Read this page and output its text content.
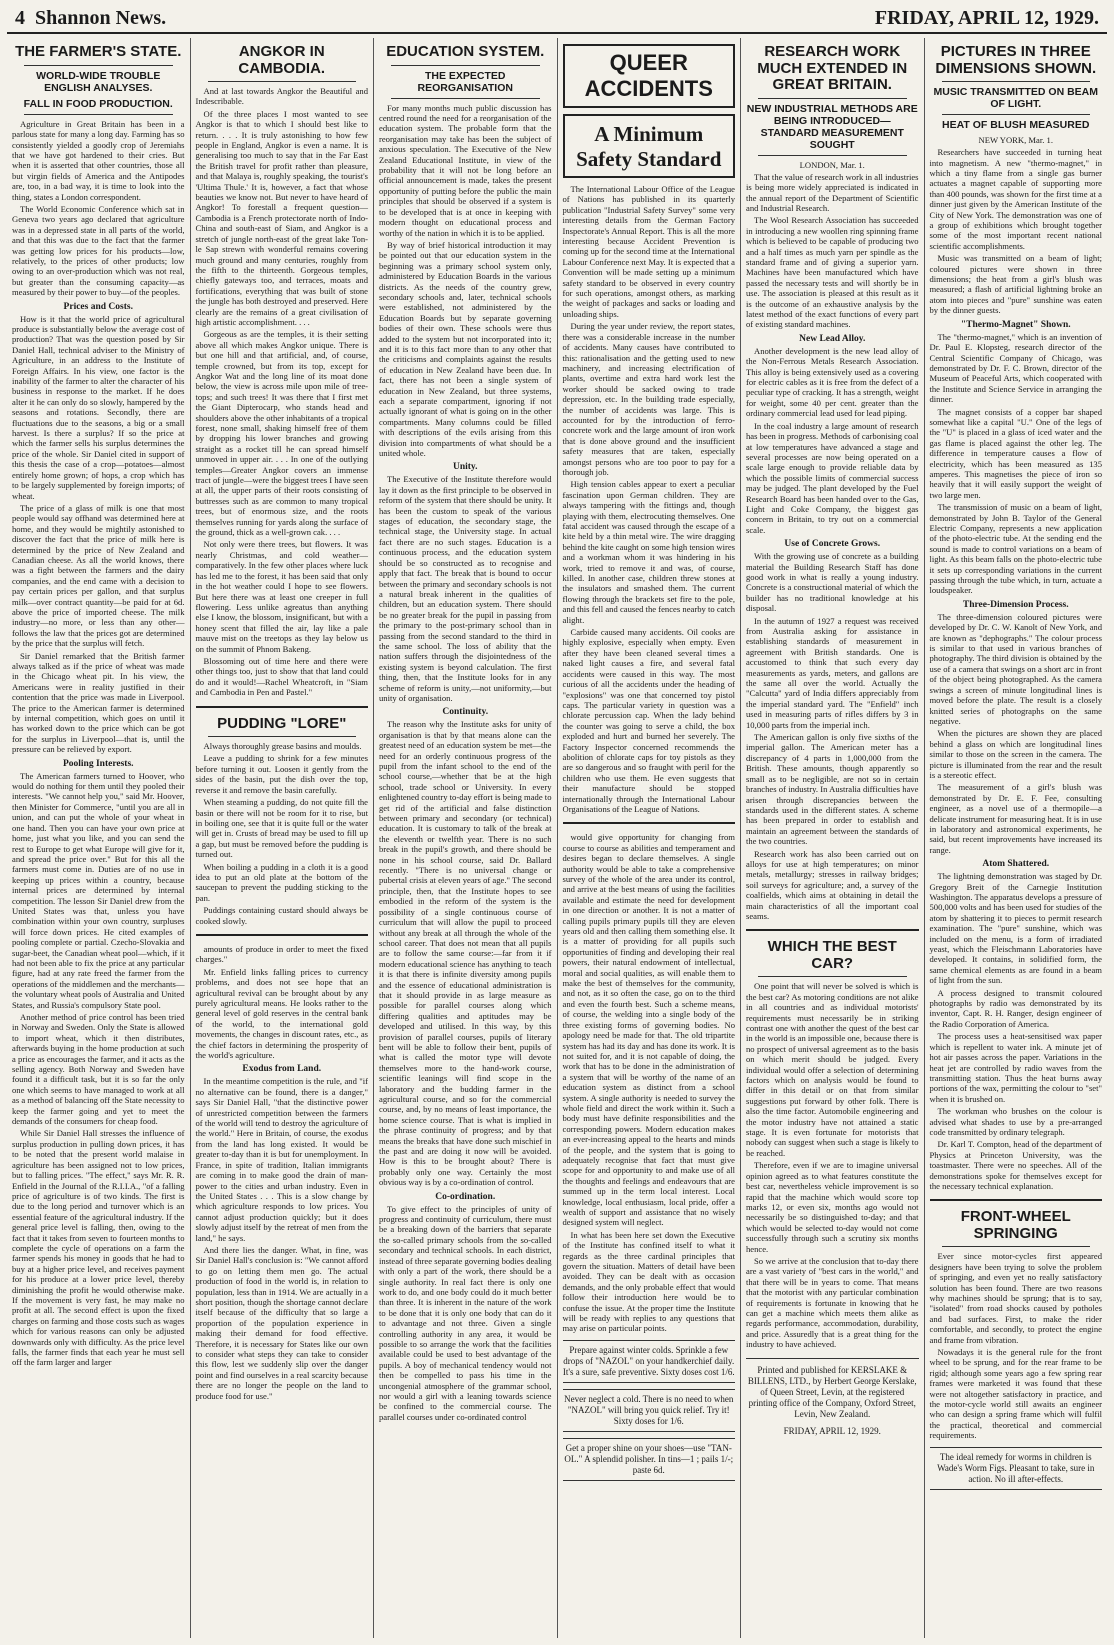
4 Shannon News.	FRIDAY, APRIL 12, 1929.
THE FARMER'S STATE.
WORLD-WIDE TROUBLE ENGLISH ANALYSES.
FALL IN FOOD PRODUCTION.

Agriculture in Great Britain has been in a parlous state for many a long day. Farming has so consistently yielded a goodly crop of Jeremiahs that we have got hardened to their cries. But when it is asserted that other countries, those all but virgin fields of America and the Antipodes are, too, in a bad way, it is time to look into the thing, states a London correspondent.

The World Economic Conference which sat in Geneva two years ago declared that agriculture was in a depressed state in all parts of the world, and that this was due to the fact that the farmer was getting low prices for his products—low, relatively, to the prices of other products; low owing to an over-production which was not real, but greater than the consuming capacity—as measured by their power to buy—of the peoples.

Prices and Costs.

How is it that the world price of agricultural produce is substantially below the average cost of production? That was the question posed by Sir Daniel Hall, technical adviser to the Ministry of Agriculture, in an address to the Institute of Foreign Affairs. In his view, one factor is the inability of the farmer to alter the character of his business in response to the market. If he does alter it he can only do so slowly, hampered by the seasons and rotations. Secondly, there are fluctuations due to the seasons, a big or a small harvest. Is there a surplus? If so the price at which the farmer sells his surplus determines the price of the whole. Sir Daniel cited in support of this thesis the case of a crop—potatoes—almost entirely home grown; of hops, a crop which has to be largely supplemented by foreign imports; of wheat.

The price of a glass of milk is one that most people would say offhand was determined here at home, and they would be mightily astonished to discover the fact that the price of milk here is determined by the price of New Zealand and Canadian cheese. As all the world knows, there was a fight between the farmers and the dairy companies, and the end came with a decision to pay certain prices per gallon, and that surplus milk—over contract quantity—be paid for at 6d. above the price of imported cheese. The milk industry—no more, or less than any other—follows the law that the prices got are determined by the price that the surplus will fetch.

Sir Daniel remarked that the British farmer always talked as if the price of wheat was made in the Chicago wheat pit. In his view, the Americans were in reality justified in their contention that the price was made in Liverpool. The price to the American farmer is determined by internal competition, which goes on until it has worked down to the price which can be got for the surplus in Liverpool—that is, until the pressure can be relieved by export.

Pooling Interests.

The American farmers turned to Hoover, who would do nothing for them until they pooled their interests. "We cannot help you," said Mr. Hoover, then Minister for Commerce, "until you are all in union, and can put the whole of your wheat in one hand. Then you can have your own price at home, just what you like, and you can send the rest to Europe to get what Europe will give for it, and spread the price over." But for this all the farmers must come in. Duties are of no use in keeping up prices within a country, because internal prices are determined by internal competition. The lesson Sir Daniel drew from the United States was that, unless you have combination within your own country, surpluses will force down prices. He cited examples of pooling complete or partial. Czecho-Slovakia and sugar-beet, the Canadian wheat pool—which, if it had not been able to fix the price at any particular figure, had at any rate freed the farmer from the operations of the middlemen and the merchants—the voluntary wheat pools of Australia and United States, and Russia's compulsory State pool.

Another method of price control has been tried in Norway and Sweden. Only the State is allowed to import wheat, which it then distributes, afterwards buying in the home production at such a price as encourages the farmer, and it acts as the selling agency. Both Norway and Sweden have found it a difficult task, but it is so far the only one which seems to have managed to work at all as a method of balancing off the State necessity to keep the farmer going and yet to meet the demands of the consumers for cheap food.

While Sir Daniel Hall stresses the influence of surplus production in pulling down prices, it has to be noted that the present world malaise in agriculture has been assigned not to low prices, but to falling prices. "The effect," says Mr. R. R. Enfield in the Journal of the R.I.I.A., "of a falling price of agriculture is of two kinds. The first is due to the long period and turnover which is an essential feature of the agricultural industry. If the general price level is falling, then, owing to the fact that it takes from seven to fourteen months to complete the cycle of operations on a farm the farmer spends his money in goods that he had to buy at a higher price level, and receives payment for his produce at a lower price level, thereby diminishing the profit he would otherwise make. If the movement is very fast, he may make no profit at all. The second effect is upon the fixed charges on farming and those costs such as wages which for various reasons can only be adjusted downwards only with difficulty. As the price level falls, the farmer finds that each year he must sell off the farm larger and larger

ANGKOR IN CAMBODIA.

And at last towards Angkor the Beautiful and Indescribable.

Of the three places I most wanted to see Angkor is that to which I should best like to return. . . . It is truly astonishing to how few people in England, Angkor is even a name. It is generalising too much to say that in the Far East the British travel for profit rather than pleasure, and that Malaya is, roughly speaking, the tourist's 'Ultima Thule.' It is, however, a fact that whose beauties we know not. But never to have heard of Angkor! To forestall a frequent question—Cambodia is a French protectorate north of Indo-China and south-east of Siam, and Angkor is a stretch of jungle north-east of the great lake Ton-le Sap strewn with wonderful remains covering much ground and many centuries, roughly from the fifth to the thirteenth. Gorgeous temples, chiefly gateways too, and terraces, moats and fortifications, everything that was built of stone the jungle has both destroyed and preserved. Here clearly are the remains of a great civilisation of high artistic accomplishment. . . .

Gorgeous as are the temples, it is their setting above all which makes Angkor unique. There is but one hill and that artificial, and, of course, temple crowned, but from its top, except for Angkor Wat and the long line of its moat done below, the view is across mile upon mile of tree-tops; and such trees! It was there that I first met the Giant Dipterocarp, who stands head and shoulders above the other inhabitants of a tropical forest, none small, shaking himself free of them by dropping his lower branches and growing straight as a rocket till he can spread himself unmoved in upper air. . . . In one of the outlying temples—Greater Angkor covers an immense tract of jungle—were the biggest trees I have seen at all, the upper parts of their roots consisting of buttresses such as are common to many tropical trees, but of enormous size, and the roots themselves running for yards along the surface of the ground, thick as a well-grown cak. . . .

Not only were there trees, but flowers. It was nearly Christmas, and cold weather—comparatively. In the few other places where luck has led me to the forest, it has been said that only in the hot weather could I hope to see flowers. But here there was at least one creeper in full flowering. Less unlike agreatus than anything else I know, the blossom, insignificant, but with a honey scent that filled the air, lay like a pale mauve mist on the treetops as they lay below us on the summit of Phnom Bakeng.

Blossoming out of time here and there were other things too, just to show that that land could do and it would!—Rachel Wheatcroft, in "Siam and Cambodia in Pen and Pastel."

PUDDING "LORE"

Always thoroughly grease basins and moulds.

Leave a pudding to shrink for a few minutes before turning it out. Loosen it gently from the sides of the basin, put the dish over the top, reverse it and remove the basin carefully.

When steaming a pudding, do not quite fill the basin or there will not be room for it to rise, but in boiling one, see that it is quite full or the water will get in. Crusts of bread may be used to fill up a gap, but must be removed before the pudding is turned out.

When boiling a pudding in a cloth it is a good idea to put an old plate at the bottom of the saucepan to prevent the pudding sticking to the pan.

Puddings containing custard should always be cooked slowly.

amounts of produce in order to meet the fixed charges."

Mr. Enfield links falling prices to currency problems, and does not see hope that an agricultural revival can be brought about by any purely agricultural means. He looks rather to the general level of gold reserves in the central bank of the world, to the international gold movements, the changes in discount rates, etc., as the chief factors in determining the prosperity of the world's agriculture.

Exodus from Land.

In the meantime competition is the rule, and "if no alternative can be found, there is a danger," says Sir Daniel Hall, "that the distinctive power of unrestricted competition between the farmers of the world will tend to destroy the agriculture of the world." Here in Britain, of course, the exodus from the land has long existed. It would be greater to-day than it is but for unemployment. In France, in spite of tradition, Italian immigrants are coming in to make good the drain of man-power to the cities and urban industry. Even in the United States . . . This is a slow change by which agriculture responds to low prices. You cannot adjust production quickly; but it does slowly adjust itself by the retreat of men from the land," he says.

And there lies the danger. What, in fine, was Sir Daniel Hall's conclusion is: "We cannot afford to go on letting them men go. The actual production of food in the world is, in relation to population, less than in 1914. We are actually in a short position, though the shortage cannot declare itself because of the difficulty that so large a proportion of the population experience in making their demand for food effective. Therefore, it is necessary for States like our own to consider what steps they can take to consider this flow, lest we suddenly slip over the danger point and find ourselves in a real scarcity because there are no longer the people on the land to produce food for use."

EDUCATION SYSTEM.
THE EXPECTED REORGANISATION

For many months much public discussion has centred round the need for a reorganisation of the education system. The probable form that the reorganisation may take has been the subject of anxious speculation. The Executive of the New Zealand Educational Institute, in view of the probability that it will not be long before an official announcement is made, takes the present opportunity of putting before the public the main principles that should be observed if a system is to be developed that is at once in keeping with modern thought on educational process and worthy of the nation in which it is to be applied.

By way of brief historical introduction it may be pointed out that our education system in the beginning was a primary school system only, administered by Education Boards in the various districts. As the needs of the country grew, secondary schools and, later, technical schools were established, not administered by the Education Boards but by separate governing bodies of their own. These schools were thus added to the system but not incorporated into it; and it is to this fact more than to any other that the criticisms and complaints against the results of education in New Zealand have been due. In fact, there has not been a single system of education in New Zealand, but three systems, each a separate compartment, ignoring if not actually ignorant of what is going on in the other compartments. Many columns could be filled with descriptions of the evils arising from this division into compartments of what should be a united whole.

Unity.

The Executive of the Institute therefore would lay it down as the first principle to be observed in reform of the system that there should be unity. It has been the custom to speak of the various stages of education, the secondary stage, the technical stage, the University stage. In actual fact there are no such stages. Education is a continuous process, and the education system should be so constructed as to recognise and apply that fact. The break that is bound to occur between the primary and secondary schools is not a natural break inherent in the qualities of children, but an education system. There should be no greater break for the pupil in passing from the primary to the post-primary school than in passing from the second standard to the third in the same school. The loss of ability that the nation suffers through the disjointedness of the existing system is beyond calculation. The first thing, then, that the Institute looks for in any scheme of reform is unity,—not uniformity,—but unity of organisation.

Continuity.

The reason why the Institute asks for unity of organisation is that by that means alone can the greatest need of an education system be met—the need for an orderly continuous progress of the pupil from the infant school to the end of the school course,—whether that be at the high school, trade school or University. In every enlightened country to-day effort is being made to get rid of the artificial and false distinction between primary and secondary (or technical) education. It is customary to talk of the break at the eleventh or twelfth year. There is no such break in the pupil's growth, and there should be none in his school course, said Dr. Ballard recently. "There is no universal change or pubertal crisis at eleven years of age." The second principle, then, that the Institute hopes to see embodied in the reform of the system is the possibility of a single continuous course of curriculum that will allow the pupil to proceed without any break at all through the whole of the school career. That does not mean that all pupils are to follow the same course:—far from it if modern educational science has anything to teach it is that there is infinite diversity among pupils and the essence of educational administration is that it should provide in as large measure as possible for parallel courses along which differing qualities and aptitudes may be developed and utilised. In this way, by this provision of parallel courses, pupils of literary bent will be able to follow their bent, pupils of what is called the motor type will devote themselves more to the hand-work course, scientific leanings will find scope in the laboratory and the budding farmer in the agricultural course, and so for the commercial course, and, by no means of least importance, the home science course. That is what is implied in the phrase continuity of progress; and by that means the breaks that have done such mischief in the past and are doing it now will be avoided. How is this to be brought about? There is probably only one way. Certainly the most obvious way is by a co-ordination of control.

Co-ordination.

To give effect to the principles of unity of progress and continuity of curriculum, there must be a breaking down of the barriers that separate the so-called primary schools from the so-called secondary and technical schools. In each district, instead of three separate governing bodies dealing with only a part of the work, there should be a single authority. In real fact there is only one work to do, and one body could do it much better than three. It is inherent in the nature of the work to be done that it is only one body that can do it to advantage and not three. Given a single controlling authority in any area, it would be possible to so arrange the work that the facilities available could be used to best advantage of the pupils. A boy of mechanical tendency would not then be compelled to pass his time in the uncongenial atmosphere of the grammar school, nor would a girl with a leaning towards science be confined to the commercial course. The parallel courses under co-ordinated control

QUEER ACCIDENTS
A Minimum Safety Standard

The International Labour Office of the League of Nations has published in its quarterly publication "Industrial Safety Survey" some very interesting details from the German Factory Inspectorate's Annual Report. This is all the more interesting because Accident Prevention is coming up for the second time at the International Labour Conference next May. It is expected that a Convention will be made setting up a minimum safety standard to be observed in every country for such operations, amongst others, as marking the weight of packages and sacks or loading and unloading ships.

During the year under review, the report states, there was a considerable increase in the number of accidents. Many causes have contributed to this: rationalisation and the getting used to new machinery, and increasing electrification of plants, overtime and extra hard work lest the worker should be sacked owing to trade depression, etc. In the building trade especially, the number of accidents was large. This is accounted for by the introduction of ferro-concrete work and the large amount of iron work that is done above ground and the insufficient safety measures that are taken, especially amongst persons who are too poor to pay for a thorough job.

High tension cables appear to exert a peculiar fascination upon German children. They are always tampering with the fittings and, though playing with them, electrocuting themselves. One fatal accident was caused through the escape of a kite held by a thin metal wire. The wire dragging behind the kite caught on some high tension wires and a workman whom it was hindering in his work, tried to remove it and was, of course, killed. In another case, children threw stones at the insulators and smashed them. The current flowing through the brackets set fire to the pole, and this fell and caused the fences nearby to catch alight.

Carbide caused many accidents. Oil cooks are highly explosive, especially when empty. Even after they have been cleaned several times a naked light causes a fire, and several fatal accidents were caused in this way. The most curious of all the accidents under the heading of "explosions" was one that concerned toy pistol caps. The particular variety in question was a chlorate percussion cap. When the lady behind the counter was going to serve a child, the box exploded and hurt and burned her severely. The Factory Inspector concerned recommends the abolition of chlorate caps for toy pistols as they are so dangerous and so fraught with peril for the children who use them. He even suggests that their manufacture should be stopped internationally through the International Labour Organisations of the League of Nations.

would give opportunity for changing from course to course as abilities and temperament and desires began to declare themselves. A single authority would be able to take a comprehensive survey of the whole of the area under its control, and arrive at the best means of using the facilities available and estimate the need for development in one direction or another. It is not a matter of calling pupils primary pupils till they are eleven years old and then calling them something else. It is a matter of providing for all pupils such opportunities of finding and developing their real powers, their natural endowment of intellectual, moral and social qualities, as will enable them to make the best of themselves for the community, and not, as it so often the case, go on to the third and even the fourth best. Such a scheme means, of course, the welding into a single body of the three existing forms of governing bodies. No apology need be made for that. The old tripartite system has had its day and has done its work. It is not suited for, and it is not capable of doing, the work that has to be done in the administration of a system that will be worthy of the name of an education system as distinct from a school system. A single authority is needed to survey the whole field and direct the work within it. Such a body must have definite responsibilities and the corresponding powers. Modern education makes an ever-increasing appeal to the hearts and minds of the people, and the system that is going to adequately recognise that fact that must give scope for and opportunity to and make use of all the thoughts and feelings and endeavours that are summed up in the term local interest. Local knowledge, local enthusiasm, local pride, offer a wealth of support and assistance that no wisely designed system will neglect.

In what has been here set down the Executive of the Institute has confined itself to what it regards as the three cardinal principles that govern the situation. Matters of detail have been avoided. They can be dealt with as occasion demands, and the only probable effect that would follow their introduction here would be to confuse the issue. At the proper time the Institute will be ready with replies to any questions that may arise on particular points.

Prepare against winter colds. Sprinkle a few drops of "NAZOL" on your handkerchief daily. It's a sure, safe preventive. Sixty doses cost 1/6.
Never neglect a cold. There is no need to when "NAZOL" will bring you quick relief. Try it! Sixty doses for 1/6.
Get a proper shine on your shoes—use "TAN-OL." A splendid polisher. In tins—1 ; pails 1/-; paste 6d.
RESEARCH WORK MUCH EXTENDED IN GREAT BRITAIN.
NEW INDUSTRIAL METHODS ARE BEING INTRODUCED—STANDARD MEASUREMENT SOUGHT
LONDON, Mar. 1.

That the value of research work in all industries is being more widely appreciated is indicated in the annual report of the Department of Scientific and Industrial Research.

The Wool Research Association has succeeded in introducing a new woollen ring spinning frame which is believed to be capable of producing two and a half times as much yarn per spindle as the standard frame and of giving a superior yarn. Machines have been manufactured which have passed the necessary tests and will shortly be in use. The association is pleased at this result as it is the outcome of an exhaustive analysis by the latest method of the exact functions of every part of existing standard machines.

New Lead Alloy.

Another development is the new lead alloy of the Non-Ferrous Metals Research Association. This alloy is being extensively used as a covering for electric cables as it is free from the defect of a peculiar type of cracking. It has a strength, weight for weight, some 40 per cent. greater than the ordinary commercial lead used for lead piping.

In the coal industry a large amount of research has been in progress. Methods of carbonising coal at low temperatures have advanced a stage and several processes are now being operated on a scale large enough to provide reliable data by which the possible limits of commercial success may be judged. The plant developed by the Fuel Research Board has been handed over to the Gas, Light and Coke Company, the biggest gas concern in Britain, to try out on a commercial scale.

Use of Concrete Grows.

With the growing use of concrete as a building material the Building Research Staff has done good work in what is really a young industry. Concrete is a constructional material of which the builder has no traditional knowledge at his disposal.

In the autumn of 1927 a request was received from Australia asking for assistance in establishing standards of measurement in agreement with British standards. One is accustomed to think that such every day measurements as yards, meters, and gallons are the same all over the world. Actually the "Calcutta" yard of India differs appreciably from the imperial standard yard. The "Enfield" inch used in measuring parts of rifles differs by 3 in 10,000 parts from the imperial inch.

The American gallon is only five sixths of the imperial gallon. The American meter has a discrepancy of 4 parts in 1,000,000 from the British. These amounts, though apparently so small as to be negligible, are not so in certain branches of industry. In Australia difficulties have arisen through discrepancies between the standards used in the different states. A scheme has been prepared in order to establish and maintain an agreement between the standards of the two countries.

Research work has also been carried out on alloys for use at high temperatures; on minor metals, metallurgy; stresses in railway bridges; soil surveys for agriculture; and, a survey of the coalfields, which aims at obtaining in detail the main characteristics of all the important coal seams.

WHICH THE BEST CAR?

One point that will never be solved is which is the best car? As motoring conditions are not alike in all countries and as individual motorists' requirements must necessarily be in striking contrast one with another the quest of the best car in the world is an impossible one, because there is no prospect of universal agreement as to the basis on which merit should be judged. Every individual would offer a selection of determining factors which on analysis would be found to differ in this detail or on that from similar suggestions put forward by other folk. There is also the time factor. Automobile engineering and the motor industry have not attained a static stage. It is even fortunate for motorists that nobody can suggest when such a stage is likely to be reached.

Therefore, even if we are to imagine universal opinion agreed as to what features constitute the best car, nevertheless vehicle improvement is so rapid that the machine which would score top marks 12, or even six, months ago would not necessarily be so distinguished to-day; and that which would be selected to-day would not come successfully through such a scrutiny six months hence.

So we arrive at the conclusion that to-day there are a vast variety of "best cars in the world," and that there will be in years to come. That means that the motorist with any particular combination of requirements is fortunate in knowing that he can get a machine which meets them alike as regards performance, accommodation, durability, and price. Assuredly that is a great thing for the industry to have achieved.

Printed and published for KERSLAKE & BILLENS, LTD., by Herbert George Kerslake, of Queen Street, Levin, at the registered printing office of the Company, Oxford Street, Levin, New Zealand.
FRIDAY, APRIL 12, 1929.
PICTURES IN THREE DIMENSIONS SHOWN.
MUSIC TRANSMITTED ON BEAM OF LIGHT.
HEAT OF BLUSH MEASURED
NEW YORK, Mar. 1.

Researchers have succeeded in turning heat into magnetism. A new "thermo-magnet," in which a tiny flame from a single gas burner actuates a magnet capable of supporting more than 400 pounds, was shown for the first time at a dinner just given by the American Institute of the City of New York. The demonstration was one of a group of exhibitions which brought together some of the most important recent national scientific accomplishments.

Music was transmitted on a beam of light; coloured pictures were shown in three dimensions; the heat from a girl's blush was measured; a flash of artificial lightning broke an atom into pieces and "pure" sunshine was eaten by the dinner guests.

"Thermo-Magnet" Shown.

The "thermo-magnet," which is an invention of Dr. Paul E. Klopsteg, research director of the Central Scientific Company of Chicago, was demonstrated by Dr. F. C. Brown, director of the Museum of Peaceful Arts, which cooperated with the Institute and Science Service in arranging the dinner.

The magnet consists of a copper bar shaped somewhat like a capital "U." One of the legs of the "U" is placed in a glass of iced water and the gas flame is placed against the other leg. The difference in temperature causes a flow of electricity, which has been measured as 135 amperes. This magnetises the piece of iron so heavily that it will easily support the weight of two large men.

The transmission of music on a beam of light, demonstrated by John B. Taylor of the General Electric Company, represents a new application of the photo-electric tube. At the sending end the sound is made to control variations on a beam of light. As this beam falls on the photo-electric tube it sets up corresponding variations in the current passing through the tube which, in turn, actuate a loudspeaker.

Three-Dimension Process.

The three-dimension coloured pictures were developed by Dr. C. W. Kanolt of New York, and are known as "dephographs." The colour process is similar to that used in various branches of photography. The third division is obtained by the use of a camera that swings on a short arc in front of the object being photographed. As the camera swings a screen of minute longitudinal lines is moved before the plate. The result is a closely knitted series of photographs on the same negative.

When the pictures are shown they are placed behind a glass on which are longitudinal lines similar to those on the screen in the camera. The picture is illuminated from the rear and the result is a stereotic effect.

The measurement of a girl's blush was demonstrated by Dr. E. F. Fee, consulting engineer, as a novel use of a thermopile—a delicate instrument for measuring heat. It is in use in laboratory and astronomical experiments, he said, but recent improvements have increased its range.

Atom Shattered.

The lightning demonstration was staged by Dr. Gregory Breit of the Carnegie Institution Washington. The apparatus develops a pressure of 500,000 volts and has been used for studies of the atom by shattering it to pieces to permit research examination. The "pure" sunshine, which was included on the menu, is a form of irradiated yeast, which the Fleischmann Laboratories have developed. It contains, in solidified form, the same chemical elements as are found in a beam of light from the sun.

A process designed to transmit coloured photographs by radio was demonstrated by its inventor, Capt. R. H. Ranger, design engineer of the Radio Corporation of America.

The process uses a heat-sensitised wax paper which is repellent to water ink. A minute jet of hot air passes across the paper. Variations in the heat jet are controlled by radio waves from the transmitting station. Thus the heat burns away portions of the wax, permitting the colour to "set" when it is brushed on.

The workman who brushes on the colour is advised what shades to use by a pre-arranged code transmitted by ordinary telegraph.

Dr. Karl T. Compton, head of the department of Physics at Princeton University, was the toastmaster. There were no speeches. All of the demonstrations spoke for themselves except for the necessary technical explanation.

FRONT-WHEEL SPRINGING

Ever since motor-cycles first appeared designers have been trying to solve the problem of springing, and even yet no really satisfactory solution has been found. There are two reasons why machines should be sprung; that is to say, "isolated" from road shocks caused by potholes and bad surfaces. First, to make the rider comfortable, and secondly, to protect the engine and frame from vibration.

Nowadays it is the general rule for the front wheel to be sprung, and for the rear frame to be rigid; although some years ago a few spring rear frames were marketed it was found that these were not altogether satisfactory in practice, and the motor-cycle world still awaits an engineer who can design a spring frame which will fulfil the practical, theoretical and commercial requirements.

The ideal remedy for worms in children is Wade's Worm Figs. Pleasant to take, sure in action. No ill after-effects.
